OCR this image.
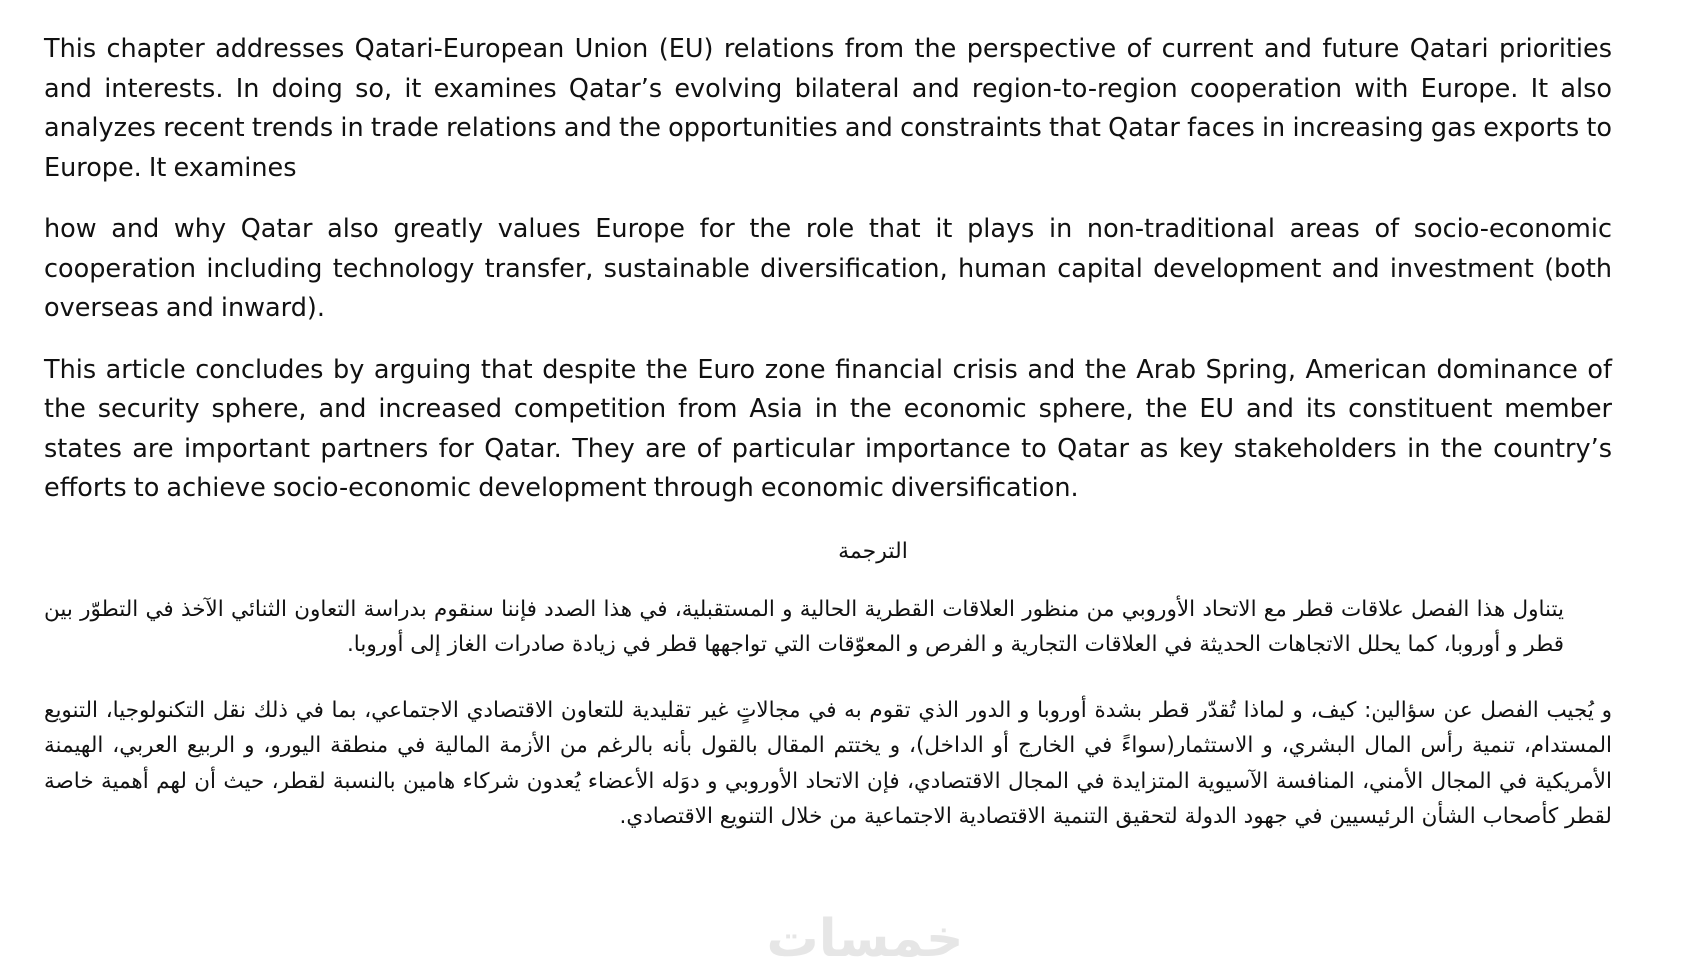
This chapter addresses Qatari-European Union (EU) relations from the perspective of current and future Qatari priorities and interests. In doing so, it examines Qatar’s evolving bilateral and region-to-region cooperation with Europe. It also analyzes recent trends in trade relations and the opportunities and constraints that Qatar faces in increasing gas exports to Europe. It examines

how and why Qatar also greatly values Europe for the role that it plays in non-traditional areas of socio-economic cooperation including technology transfer, sustainable diversification, human capital development and investment (both overseas and inward).

This article concludes by arguing that despite the Euro zone financial crisis and the Arab Spring, American dominance of the security sphere, and increased competition from Asia in the economic sphere, the EU and its constituent member states are important partners for Qatar. They are of particular importance to Qatar as key stakeholders in the country’s efforts to achieve socio-economic development through economic diversification.

الترجمة

يتناول هذا الفصل علاقات قطر مع الاتحاد الأوروبي من منظور العلاقات القطرية الحالية و المستقبلية، في هذا الصدد فإننا سنقوم بدراسة التعاون الثنائي الآخذ في التطوّر بين قطر و أوروبا، كما يحلل الاتجاهات الحديثة في العلاقات التجارية و الفرص و المعوّقات التي تواجهها قطر في زيادة صادرات الغاز إلى أوروبا.

و يُجيب الفصل عن سؤالين: كيف، و لماذا تُقدّر قطر بشدة أوروبا و الدور الذي تقوم به في مجالاتٍ غير تقليدية للتعاون الاقتصادي الاجتماعي، بما في ذلك نقل التكنولوجيا، التنويع المستدام، تنمية رأس المال البشري، و الاستثمار(سواءً في الخارج أو الداخل)، و يختتم المقال بالقول بأنه بالرغم من الأزمة المالية في منطقة اليورو، و الربيع العربي، الهيمنة الأمريكية في المجال الأمني، المنافسة الآسيوية المتزايدة في المجال الاقتصادي، فإن الاتحاد الأوروبي و دوَله الأعضاء يُعدون شركاء هامين بالنسبة لقطر، حيث أن لهم أهمية خاصة لقطر كأصحاب الشأن الرئيسيين في جهود الدولة لتحقيق التنمية الاقتصادية الاجتماعية من خلال التنويع الاقتصادي.

خمسات
